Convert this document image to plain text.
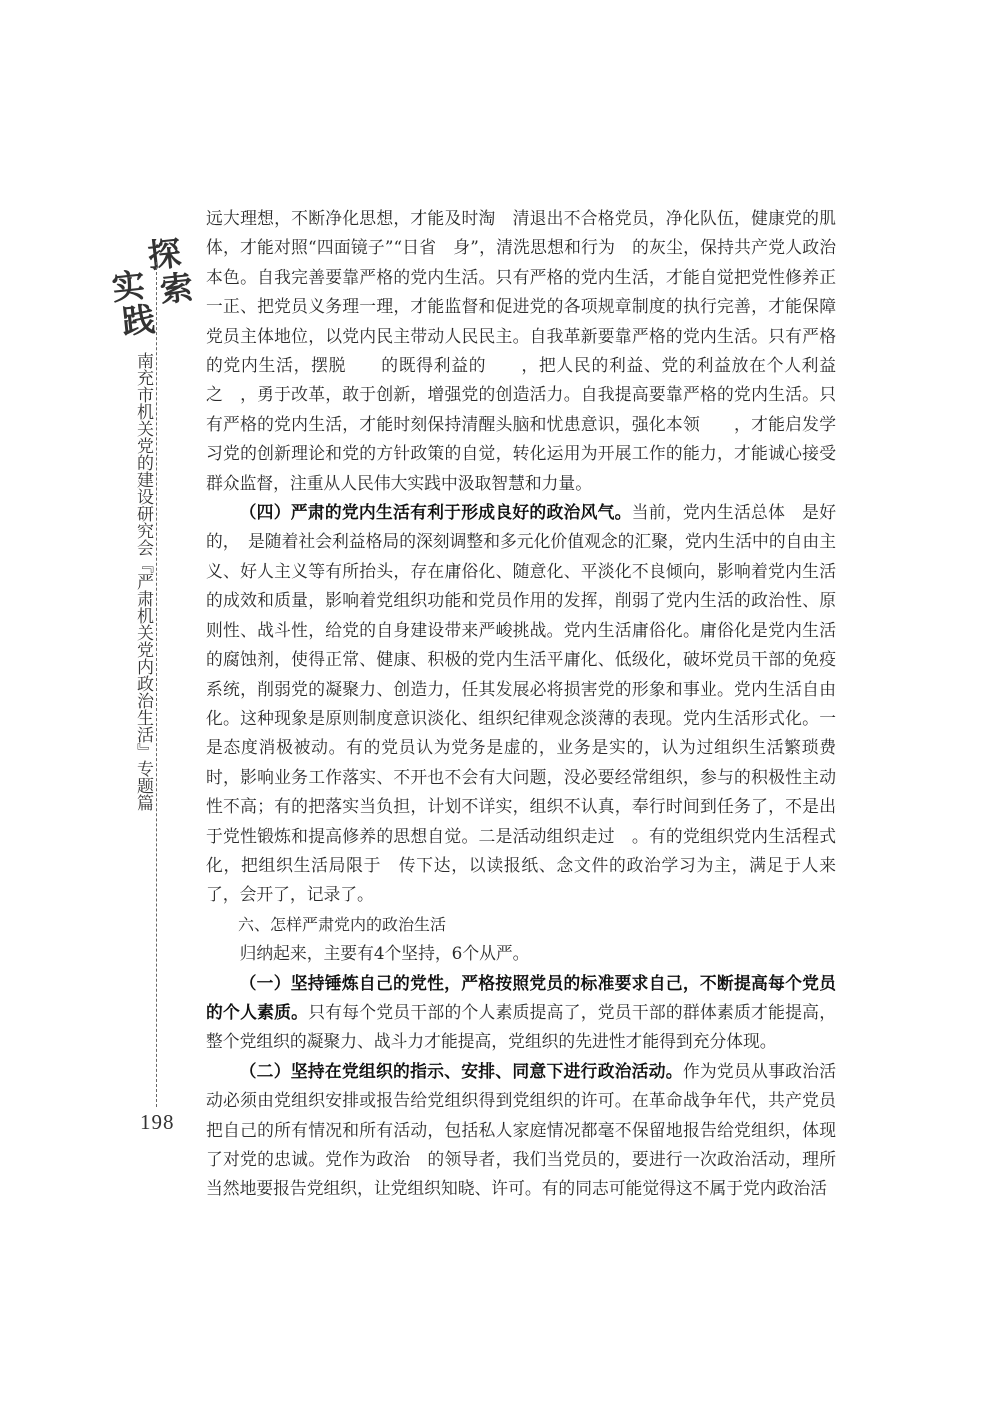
探
索
实
践
南充市机关党的建设研究会『严肃机关党内政治生活』专题篇
198

远大理想，不断净化思想，才能及时淘　清退出不合格党员，净化队伍，健康党的肌体，才能对照“四面镜子”“日省　身”，清洗思想和行为　的灰尘，保持共产党人政治本色。自我完善要靠严格的党内生活。只有严格的党内生活，才能自觉把党性修养正一正、把党员义务理一理，才能监督和促进党的各项规章制度的执行完善，才能保障党员主体地位，以党内民主带动人民民主。自我革新要靠严格的党内生活。只有严格的党内生活，摆脱　　的既得利益的　　，把人民的利益、党的利益放在个人利益之　，勇于改革，敢于创新，增强党的创造活力。自我提高要靠严格的党内生活。只有严格的党内生活，才能时刻保持清醒头脑和忧患意识，强化本领　　，才能启发学习党的创新理论和党的方针政策的自觉，转化运用为开展工作的能力，才能诚心接受群众监督，注重从人民伟大实践中汲取智慧和力量。

（四）严肃的党内生活有利于形成良好的政治风气。当前，党内生活总体　是好的，　是随着社会利益格局的深刻调整和多元化价值观念的汇聚，党内生活中的自由主义、好人主义等有所抬头，存在庸俗化、随意化、平淡化不良倾向，影响着党内生活的成效和质量，影响着党组织功能和党员作用的发挥，削弱了党内生活的政治性、原则性、战斗性，给党的自身建设带来严峻挑战。党内生活庸俗化。庸俗化是党内生活的腐蚀剂，使得正常、健康、积极的党内生活平庸化、低级化，破坏党员干部的免疫系统，削弱党的凝聚力、创造力，任其发展必将损害党的形象和事业。党内生活自由化。这种现象是原则制度意识淡化、组织纪律观念淡薄的表现。党内生活形式化。一是态度消极被动。有的党员认为党务是虚的，业务是实的，认为过组织生活繁琐费时，影响业务工作落实、不开也不会有大问题，没必要经常组织，参与的积极性主动性不高；有的把落实当负担，计划不详实，组织不认真，奉行时间到任务了，不是出于党性锻炼和提高修养的思想自觉。二是活动组织走过　。有的党组织党内生活程式化，把组织生活局限于　传下达，以读报纸、念文件的政治学习为主，满足于人来了，会开了，记录了。

六、怎样严肃党内的政治生活

归纳起来，主要有4个坚持，6个从严。

（一）坚持锤炼自己的党性，严格按照党员的标准要求自己，不断提高每个党员的个人素质。只有每个党员干部的个人素质提高了，党员干部的群体素质才能提高，整个党组织的凝聚力、战斗力才能提高，党组织的先进性才能得到充分体现。

（二）坚持在党组织的指示、安排、同意下进行政治活动。作为党员从事政治活动必须由党组织安排或报告给党组织得到党组织的许可。在革命战争年代，共产党员把自己的所有情况和所有活动，包括私人家庭情况都毫不保留地报告给党组织，体现了对党的忠诚。党作为政治　的领导者，我们当党员的，要进行一次政治活动，理所当然地要报告党组织，让党组织知晓、许可。有的同志可能觉得这不属于党内政治活
